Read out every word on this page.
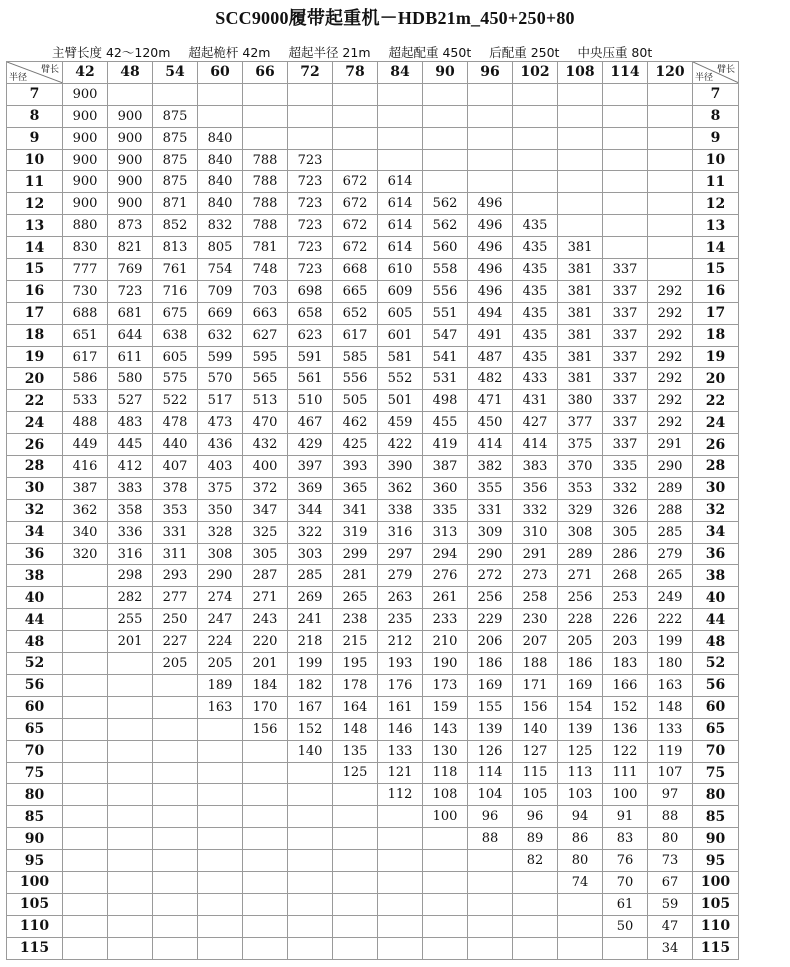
SCC9000履带起重机－HDB21m_450+250+80
主臂长度 42～120m 超起桅杆 42m 超起半径 21m 超起配重 450t 后配重 250t 中央压重 80t
臂长
半径	42	48	54	60	66	72	78	84	90	96	102	108	114	120	臂长
半径

7	900														7
8	900	900	875												8
9	900	900	875	840											9
10	900	900	875	840	788	723									10
11	900	900	875	840	788	723	672	614							11
12	900	900	871	840	788	723	672	614	562	496					12
13	880	873	852	832	788	723	672	614	562	496	435				13
14	830	821	813	805	781	723	672	614	560	496	435	381			14
15	777	769	761	754	748	723	668	610	558	496	435	381	337		15
16	730	723	716	709	703	698	665	609	556	496	435	381	337	292	16
17	688	681	675	669	663	658	652	605	551	494	435	381	337	292	17
18	651	644	638	632	627	623	617	601	547	491	435	381	337	292	18
19	617	611	605	599	595	591	585	581	541	487	435	381	337	292	19
20	586	580	575	570	565	561	556	552	531	482	433	381	337	292	20
22	533	527	522	517	513	510	505	501	498	471	431	380	337	292	22
24	488	483	478	473	470	467	462	459	455	450	427	377	337	292	24
26	449	445	440	436	432	429	425	422	419	414	414	375	337	291	26
28	416	412	407	403	400	397	393	390	387	382	383	370	335	290	28
30	387	383	378	375	372	369	365	362	360	355	356	353	332	289	30
32	362	358	353	350	347	344	341	338	335	331	332	329	326	288	32
34	340	336	331	328	325	322	319	316	313	309	310	308	305	285	34
36	320	316	311	308	305	303	299	297	294	290	291	289	286	279	36
38		298	293	290	287	285	281	279	276	272	273	271	268	265	38
40		282	277	274	271	269	265	263	261	256	258	256	253	249	40
44		255	250	247	243	241	238	235	233	229	230	228	226	222	44
48		201	227	224	220	218	215	212	210	206	207	205	203	199	48
52			205	205	201	199	195	193	190	186	188	186	183	180	52
56				189	184	182	178	176	173	169	171	169	166	163	56
60				163	170	167	164	161	159	155	156	154	152	148	60
65					156	152	148	146	143	139	140	139	136	133	65
70						140	135	133	130	126	127	125	122	119	70
75							125	121	118	114	115	113	111	107	75
80								112	108	104	105	103	100	97	80
85									100	96	96	94	91	88	85
90										88	89	86	83	80	90
95											82	80	76	73	95
100												74	70	67	100
105													61	59	105
110													50	47	110
115														34	115
